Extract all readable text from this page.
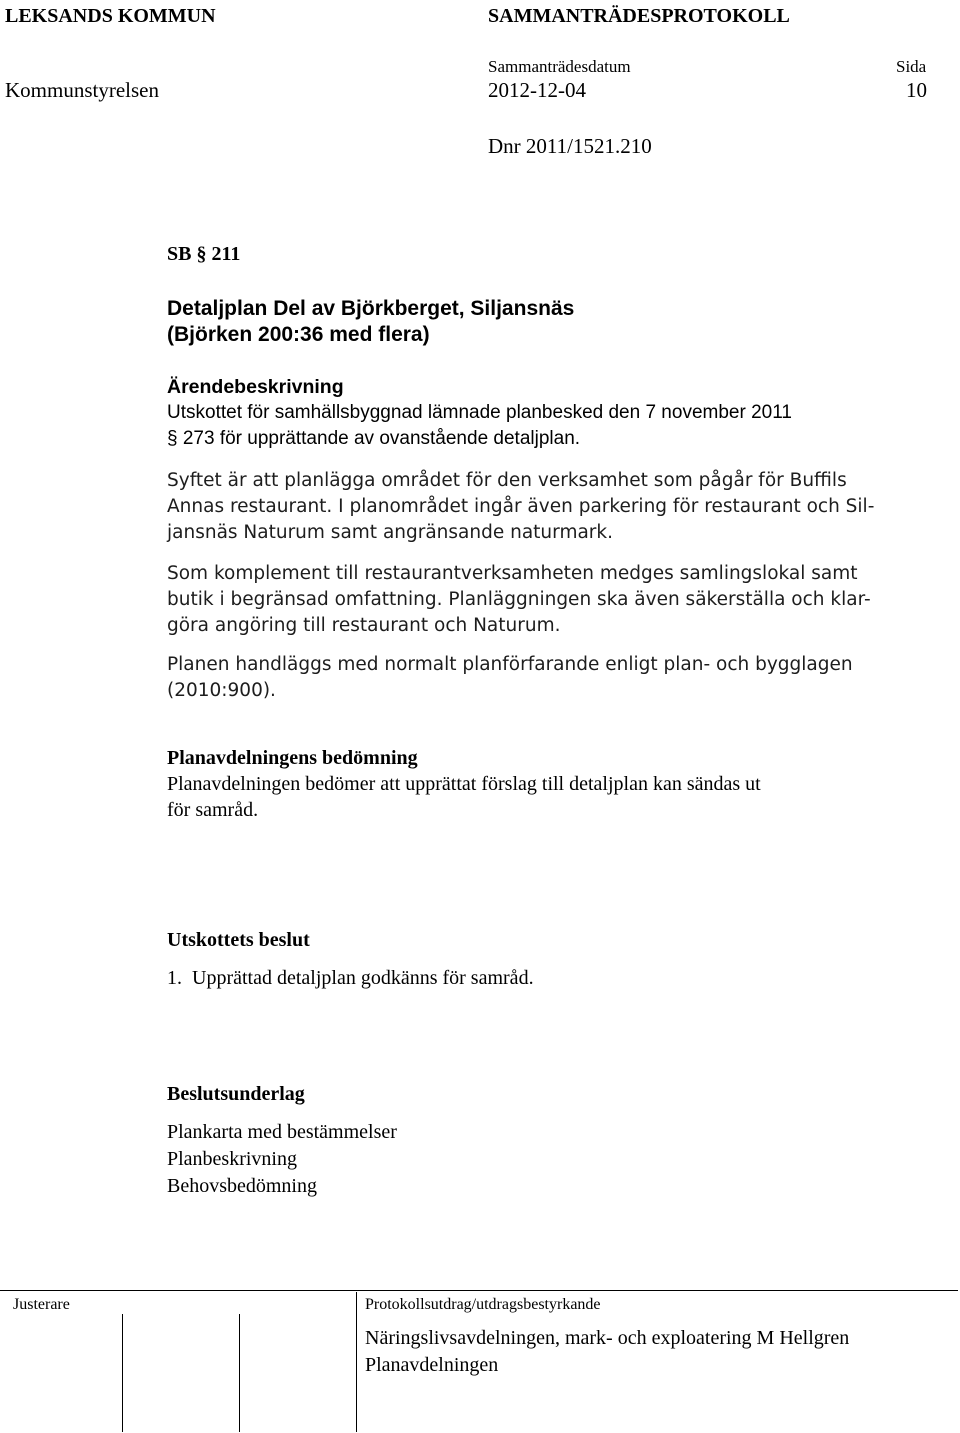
LEKSANDS KOMMUN	SAMMANTRÄDESPROTOKOLL
Sammanträdesdatum	Sida
Kommunstyrelsen	2012-12-04	10
Dnr 2011/1521.210
SB § 211
Detaljplan Del av Björkberget, Siljansnäs
(Björken 200:36 med flera)
Ärendebeskrivning
Utskottet för samhällsbyggnad lämnade planbesked den 7 november 2011
§ 273 för upprättande av ovanstående detaljplan.
Syftet är att planlägga området för den verksamhet som pågår för Buffils
Annas restaurant. I planområdet ingår även parkering för restaurant och Sil-
jansnäs Naturum samt angränsande naturmark.
Som komplement till restaurantverksamheten medges samlingslokal samt
butik i begränsad omfattning. Planläggningen ska även säkerställa och klar-
göra angöring till restaurant och Naturum.
Planen handläggs med normalt planförfarande enligt plan- och bygglagen
(2010:900).
Planavdelningens bedömning
Planavdelningen bedömer att upprättat förslag till detaljplan kan sändas ut
för samråd.
Utskottets beslut
1.  Upprättad detaljplan godkänns för samråd.
Beslutsunderlag
Plankarta med bestämmelser
Planbeskrivning
Behovsbedömning
Justerare	Protokollsutdrag/utdragsbestyrkande
Näringslivsavdelningen, mark- och exploatering M Hellgren
Planavdelningen
